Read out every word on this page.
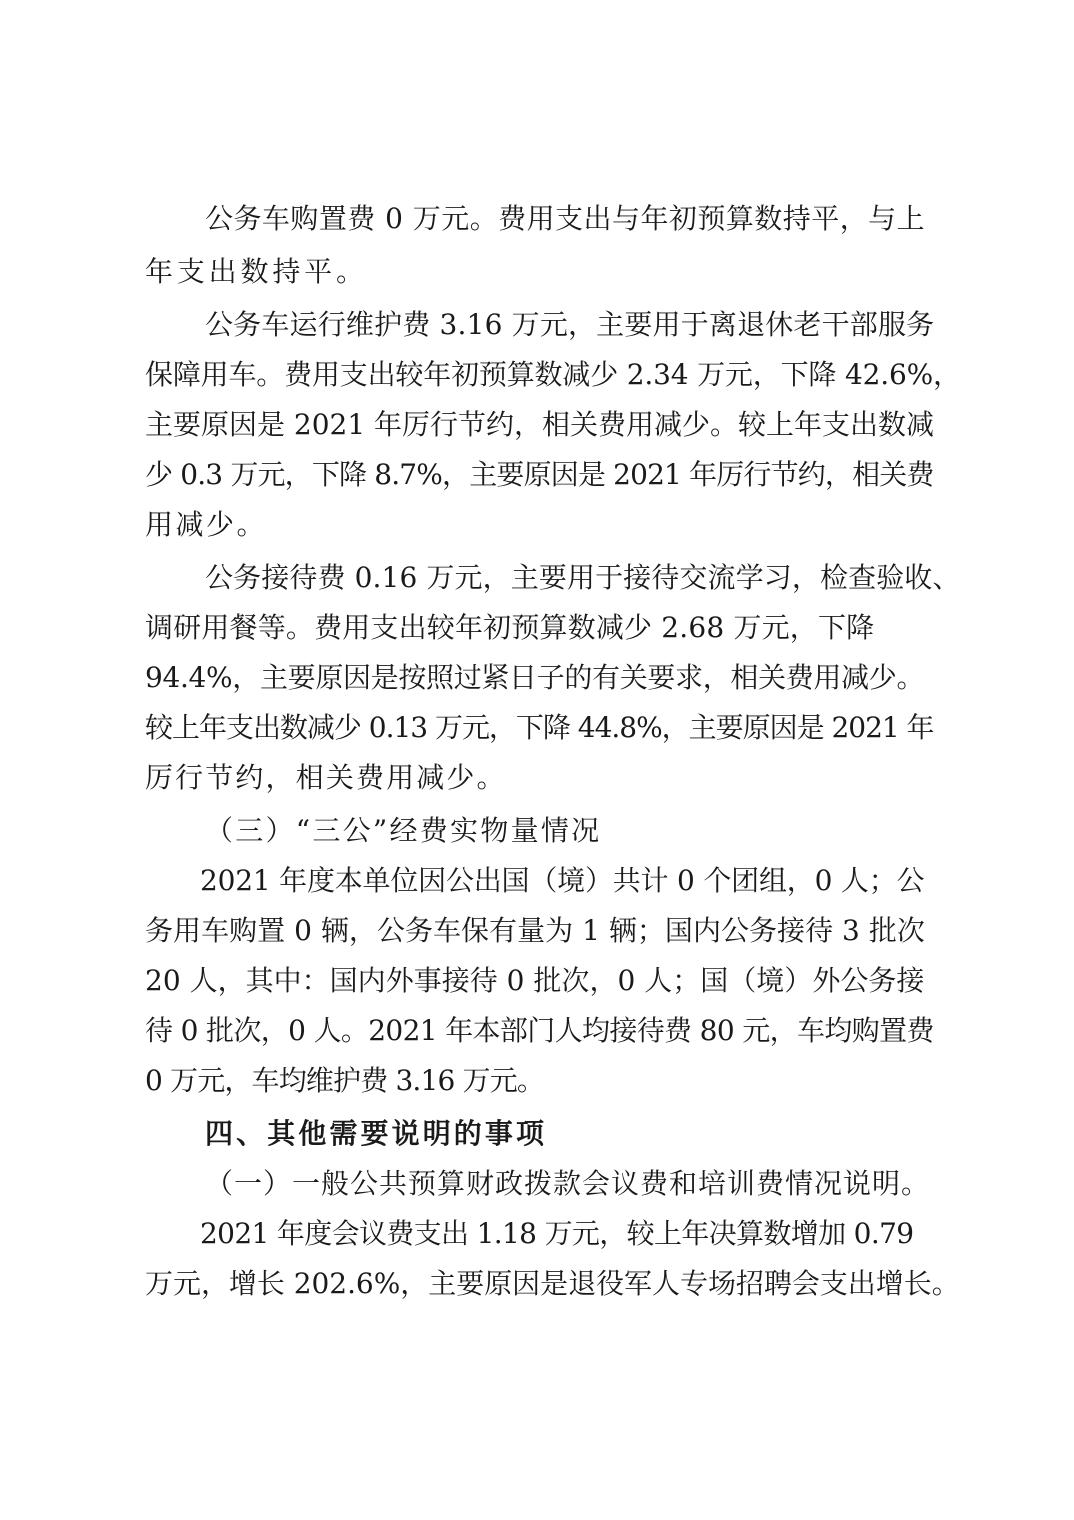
公务车购置费 0 万元。费用支出与年初预算数持平，与上
年支出数持平。
公务车运行维护费 3.16 万元，主要用于离退休老干部服务
保障用车。费用支出较年初预算数减少 2.34 万元，下降 42.6%，
主要原因是 2021 年厉行节约，相关费用减少。较上年支出数减
少 0.3 万元，下降 8.7%，主要原因是 2021 年厉行节约，相关费
用减少。
公务接待费 0.16 万元，主要用于接待交流学习，检查验收、
调研用餐等。费用支出较年初预算数减少 2.68 万元，下降
94.4%，主要原因是按照过紧日子的有关要求，相关费用减少。
较上年支出数减少 0.13 万元，下降 44.8%，主要原因是 2021 年
厉行节约，相关费用减少。
（三）“三公”经费实物量情况
2021 年度本单位因公出国（境）共计 0 个团组，0 人；公
务用车购置 0 辆，公务车保有量为 1 辆；国内公务接待 3 批次
20 人，其中：国内外事接待 0 批次，0 人；国（境）外公务接
待 0 批次，0 人。2021 年本部门人均接待费 80 元，车均购置费
0 万元，车均维护费 3.16 万元。
四、其他需要说明的事项
（一）一般公共预算财政拨款会议费和培训费情况说明。
2021 年度会议费支出 1.18 万元，较上年决算数增加 0.79
万元，增长 202.6%，主要原因是退役军人专场招聘会支出增长。
